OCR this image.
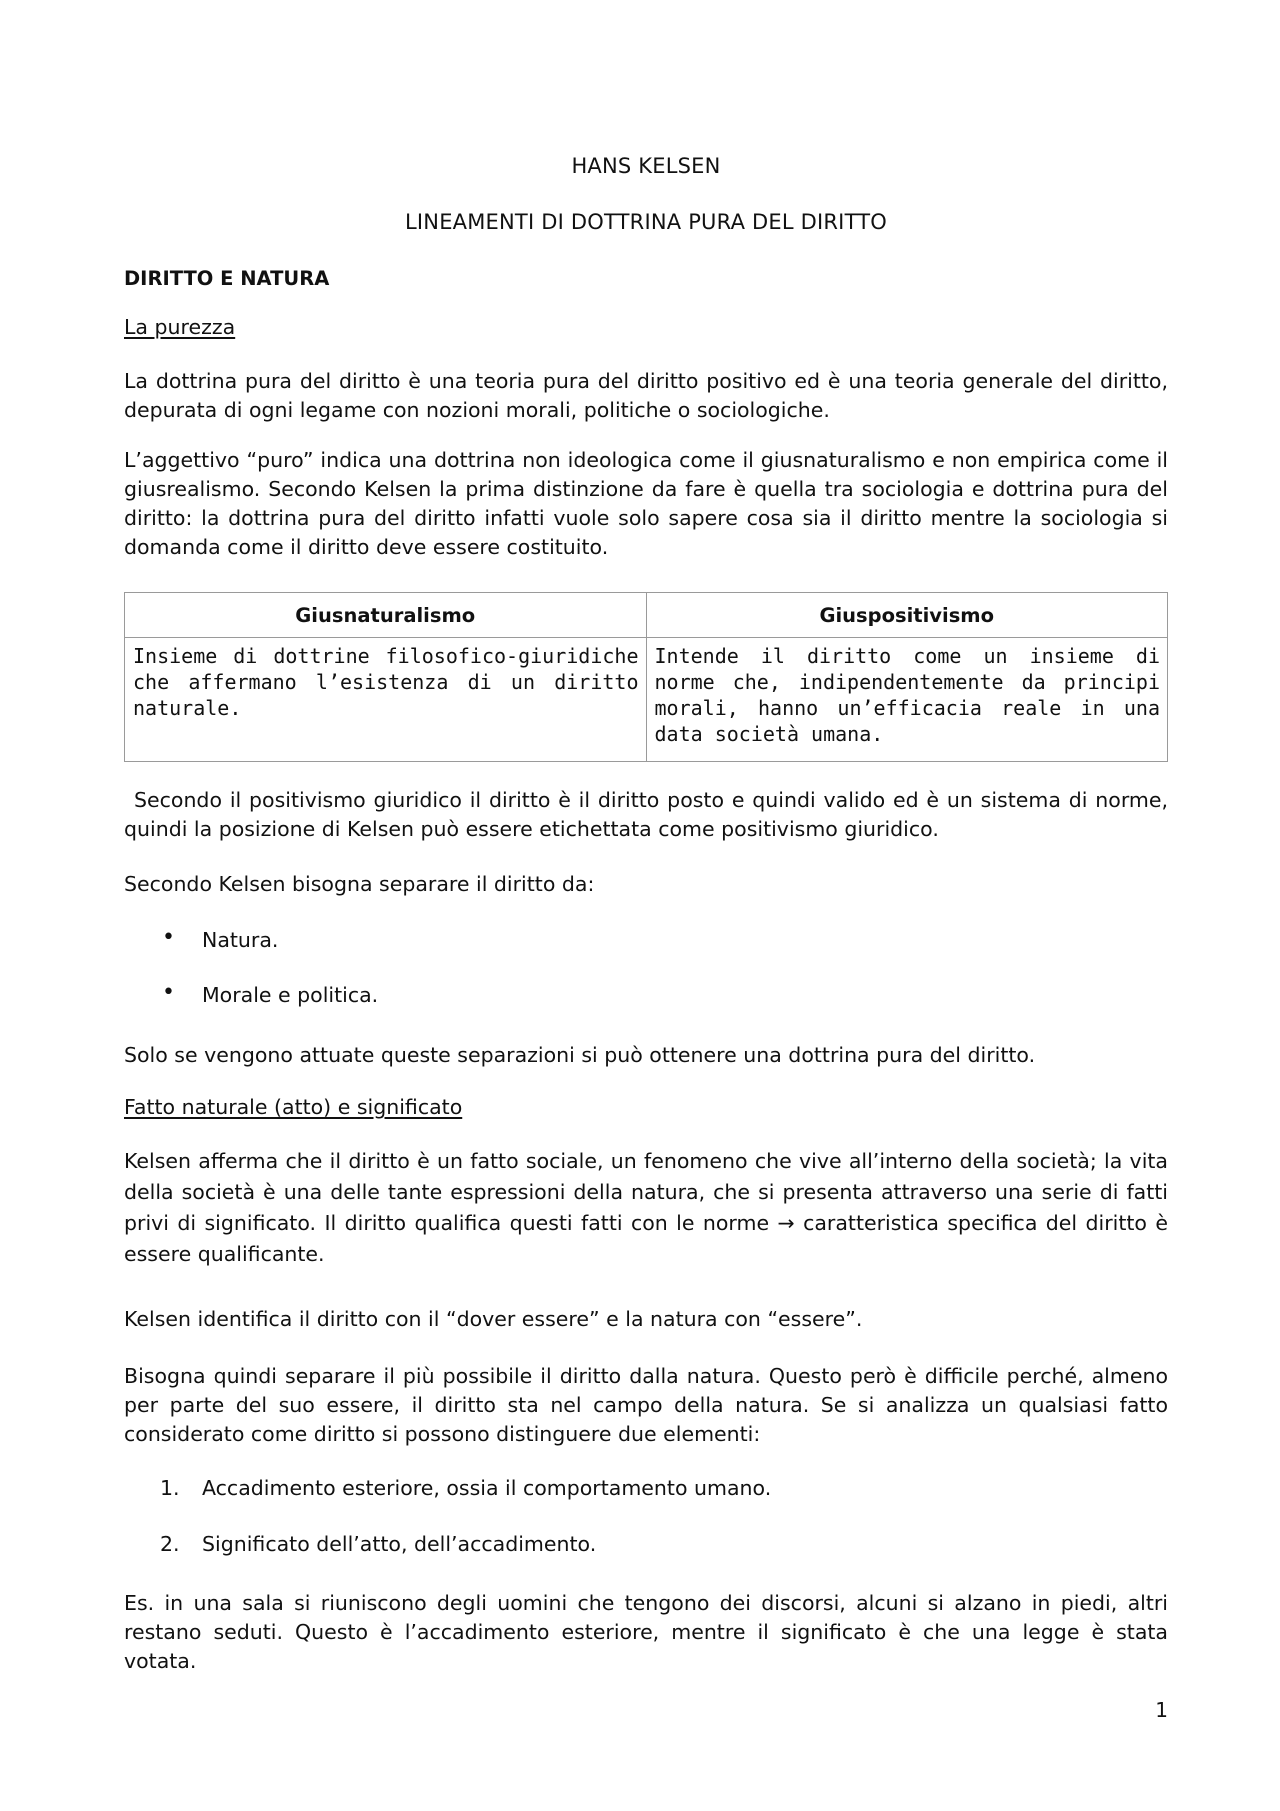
HANS KELSEN
LINEAMENTI DI DOTTRINA PURA DEL DIRITTO
DIRITTO E NATURA
La purezza
La dottrina pura del diritto è una teoria pura del diritto positivo ed è una teoria generale del diritto, depurata di ogni legame con nozioni morali, politiche o sociologiche.
L’aggettivo “puro” indica una dottrina non ideologica come il giusnaturalismo e non empirica come il giusrealismo. Secondo Kelsen la prima distinzione da fare è quella tra sociologia e dottrina pura del diritto: la dottrina pura del diritto infatti vuole solo sapere cosa sia il diritto mentre la sociologia si domanda come il diritto deve essere costituito.
Giusnaturalismo	Giuspositivismo
Insieme di dottrine filosofico-giuridiche che affermano l’esistenza di un diritto naturale.	Intende il diritto come un insieme di norme che, indipendentemente da principi morali, hanno un’efficacia reale in una data società umana.
Secondo il positivismo giuridico il diritto è il diritto posto e quindi valido ed è un sistema di norme, quindi la posizione di Kelsen può essere etichettata come positivismo giuridico.
Secondo Kelsen bisogna separare il diritto da:
• Natura.
• Morale e politica.
Solo se vengono attuate queste separazioni si può ottenere una dottrina pura del diritto.
Fatto naturale (atto) e significato
Kelsen afferma che il diritto è un fatto sociale, un fenomeno che vive all’interno della società; la vita della società è una delle tante espressioni della natura, che si presenta attraverso una serie di fatti privi di significato. Il diritto qualifica questi fatti con le norme → caratteristica specifica del diritto è essere qualificante.
Kelsen identifica il diritto con il “dover essere” e la natura con “essere”.
Bisogna quindi separare il più possibile il diritto dalla natura. Questo però è difficile perché, almeno per parte del suo essere, il diritto sta nel campo della natura. Se si analizza un qualsiasi fatto considerato come diritto si possono distinguere due elementi:
1. Accadimento esteriore, ossia il comportamento umano.
2. Significato dell’atto, dell’accadimento.
Es. in una sala si riuniscono degli uomini che tengono dei discorsi, alcuni si alzano in piedi, altri restano seduti. Questo è l’accadimento esteriore, mentre il significato è che una legge è stata votata.
1
